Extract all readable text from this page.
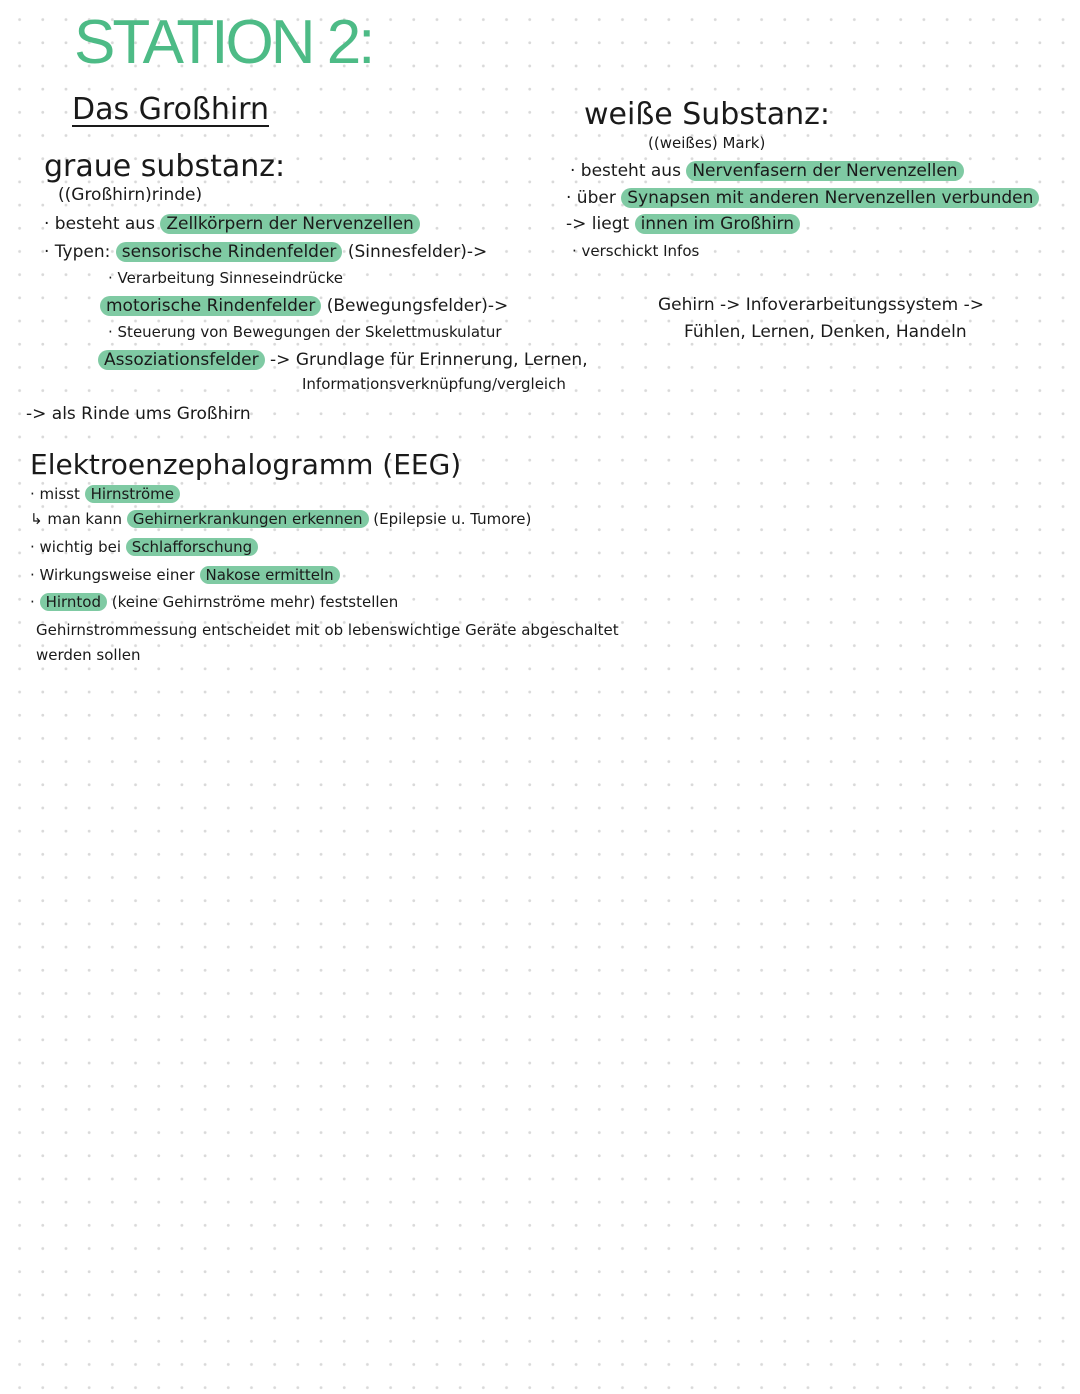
STATION 2:
Das Großhirn
graue substanz:
((Großhirn)rinde)
· besteht aus Zellkörpern der Nervenzellen
· Typen: sensorische Rindenfelder (Sinnesfelder)->
· Verarbeitung Sinneseindrücke
motorische Rindenfelder (Bewegungsfelder)->
· Steuerung von Bewegungen der Skelettmuskulatur
Assoziationsfelder -> Grundlage für Erinnerung, Lernen,
Informationsverknüpfung/vergleich
-> als Rinde ums Großhirn
weiße Substanz:
((weißes) Mark)
· besteht aus Nervenfasern der Nervenzellen
· über Synapsen mit anderen Nervenzellen verbunden
-> liegt innen im Großhirn
· verschickt Infos
Gehirn -> Infoverarbeitungssystem ->
Fühlen, Lernen, Denken, Handeln
Elektroenzephalogramm (EEG)
· misst Hirnströme
↳ man kann Gehirnerkrankungen erkennen (Epilepsie u. Tumore)
· wichtig bei Schlafforschung
· Wirkungsweise einer Nakose ermitteln
· Hirntod (keine Gehirnströme mehr) feststellen
Gehirnstrommessung entscheidet mit ob lebenswichtige Geräte abgeschaltet
werden sollen
